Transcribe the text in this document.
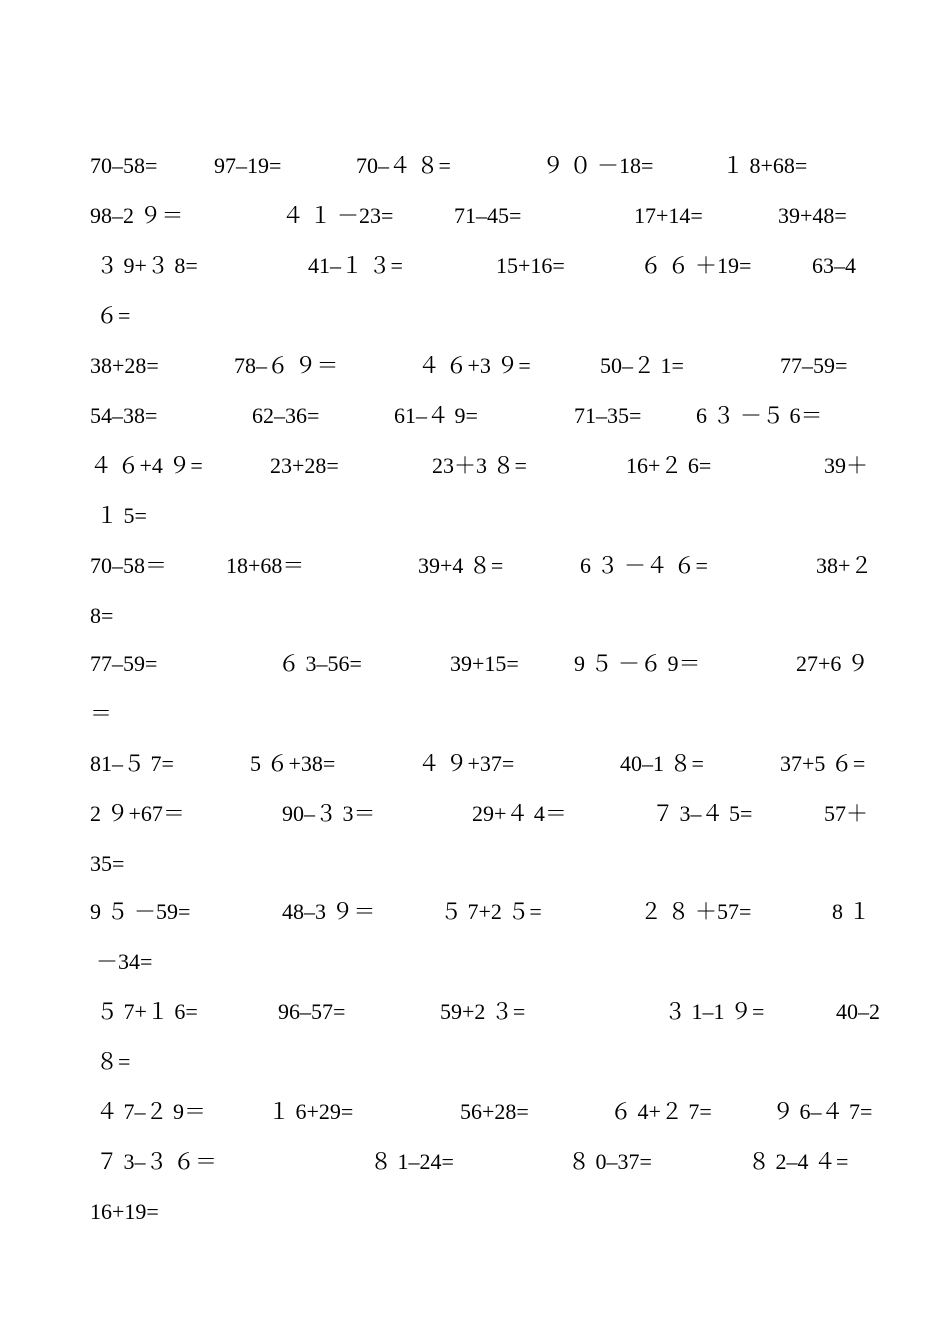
70–58=	97–19=	70–４ ８=	９ ０ －18=	１ 8+68=
98–2 ９＝	４ １ －23=	71–45=	17+14=	39+48=
３ 9+３ 8=	41–１ ３=	15+16=	６ ６ ＋19=	63–4
６=
38+28=	78–６ ９＝	４ ６+3 ９=	50–２ 1=	77–59=
54–38=	62–36=	61–４ 9=	71–35= 6 ３ －５ 6＝
４ ６+4 ９=	23+28=	23＋3 ８=	16+２ 6=	39＋
１ 5=
70–58＝	18+68＝	39+4 ８=	6 ３ －４ ６=	38+２
8=
77–59=	６ 3–56=	39+15=	9 ５ －６ 9＝	27+6 ９
＝
81–５ 7=	5 ６+38=	４ ９+37=	40–1 ８=	37+5 ６=
2 ９+67＝	90–３ 3＝	29+４ 4＝	７ 3–４ 5=	57＋
35=
9 ５ －59=	48–3 ９＝	５ 7+2 ５=	２ ８ ＋57=	8 １
－34=
５ 7+１ 6=	96–57=	59+2 ３=	３ 1–1 ９=	40–2
８=
４ 7–２ 9＝	１ 6+29=	56+28=	６ 4+２ 7=	９ 6–４ 7=
７ 3–３ ６＝	８ 1–24=	８ 0–37=	８ 2–4 ４=
16+19=
